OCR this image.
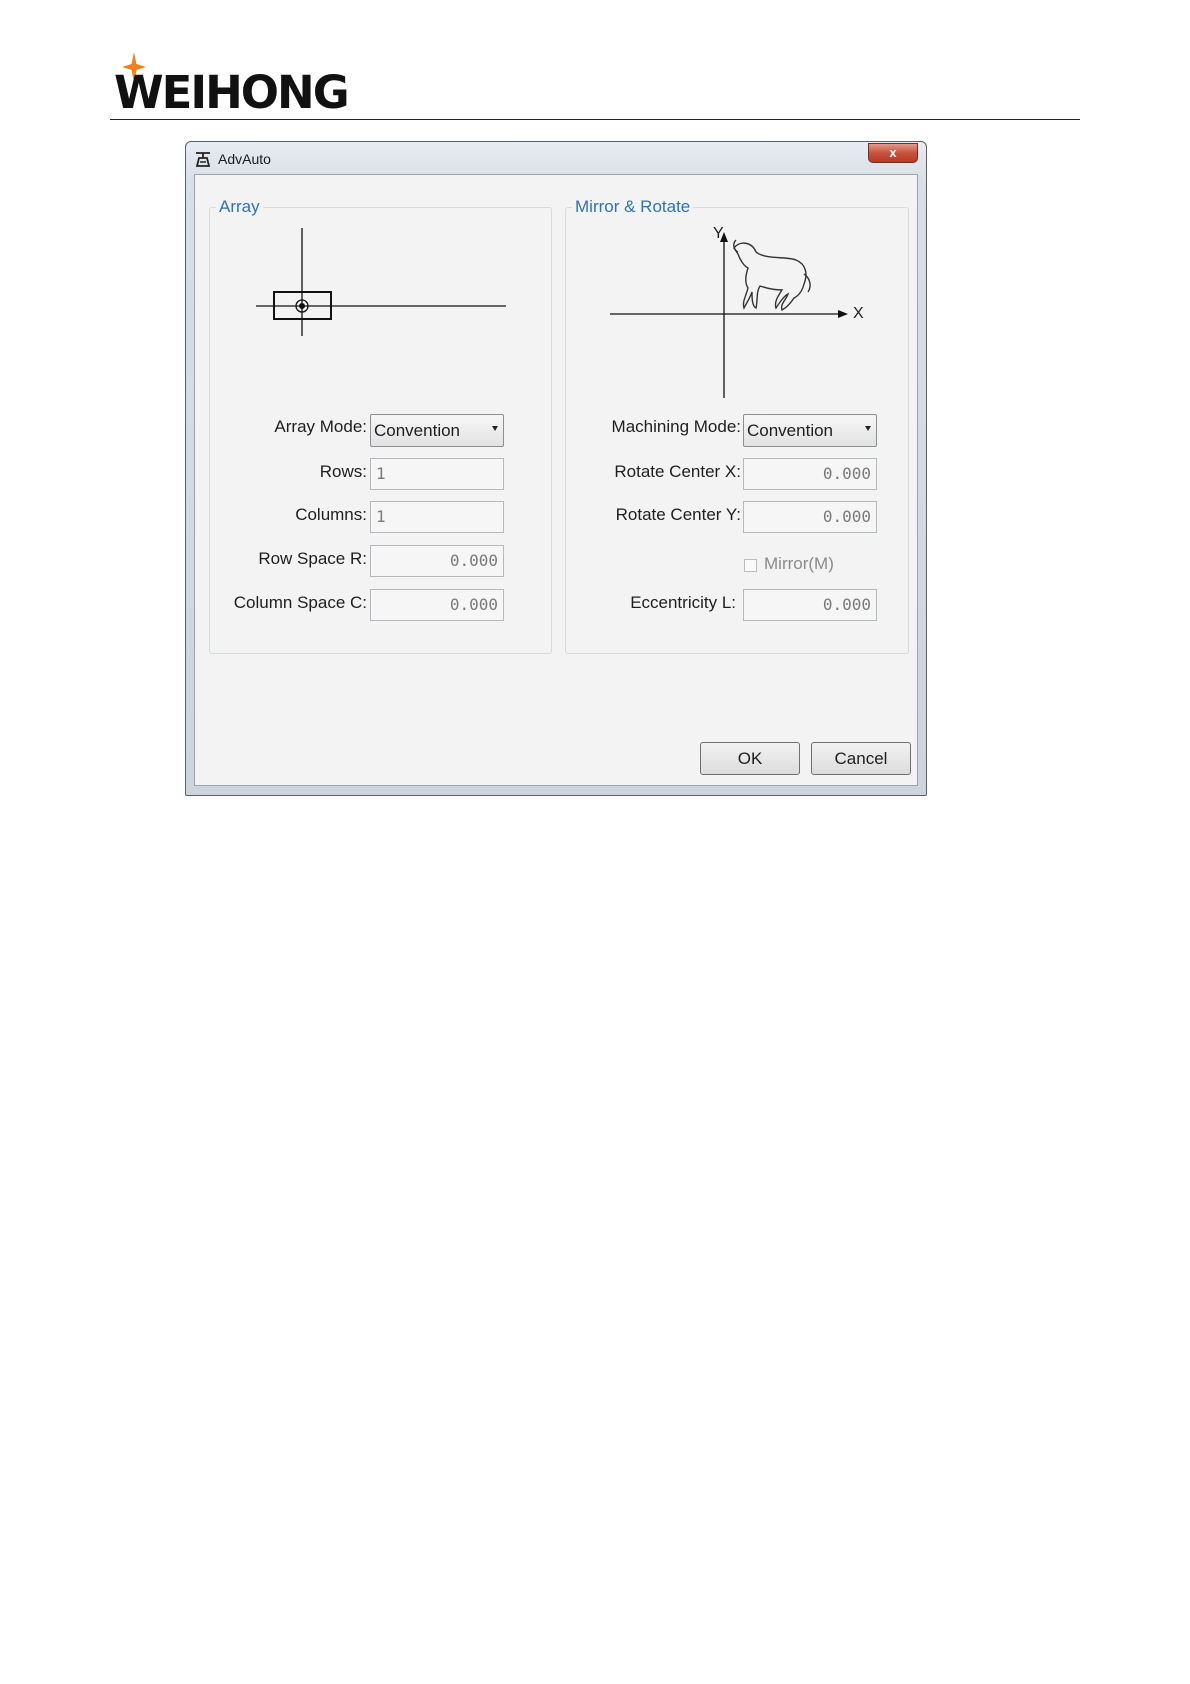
WEIHONG
AdvAuto	x
Array
Array Mode: Convention
Rows: 1
Columns: 1
Row Space R:	0.000
Column Space C:	0.000
Mirror & Rotate
Y
X
Machining Mode: Convention
Rotate Center X:	0.000
Rotate Center Y:	0.000
Mirror(M)
Eccentricity L:	0.000
OK	Cancel
